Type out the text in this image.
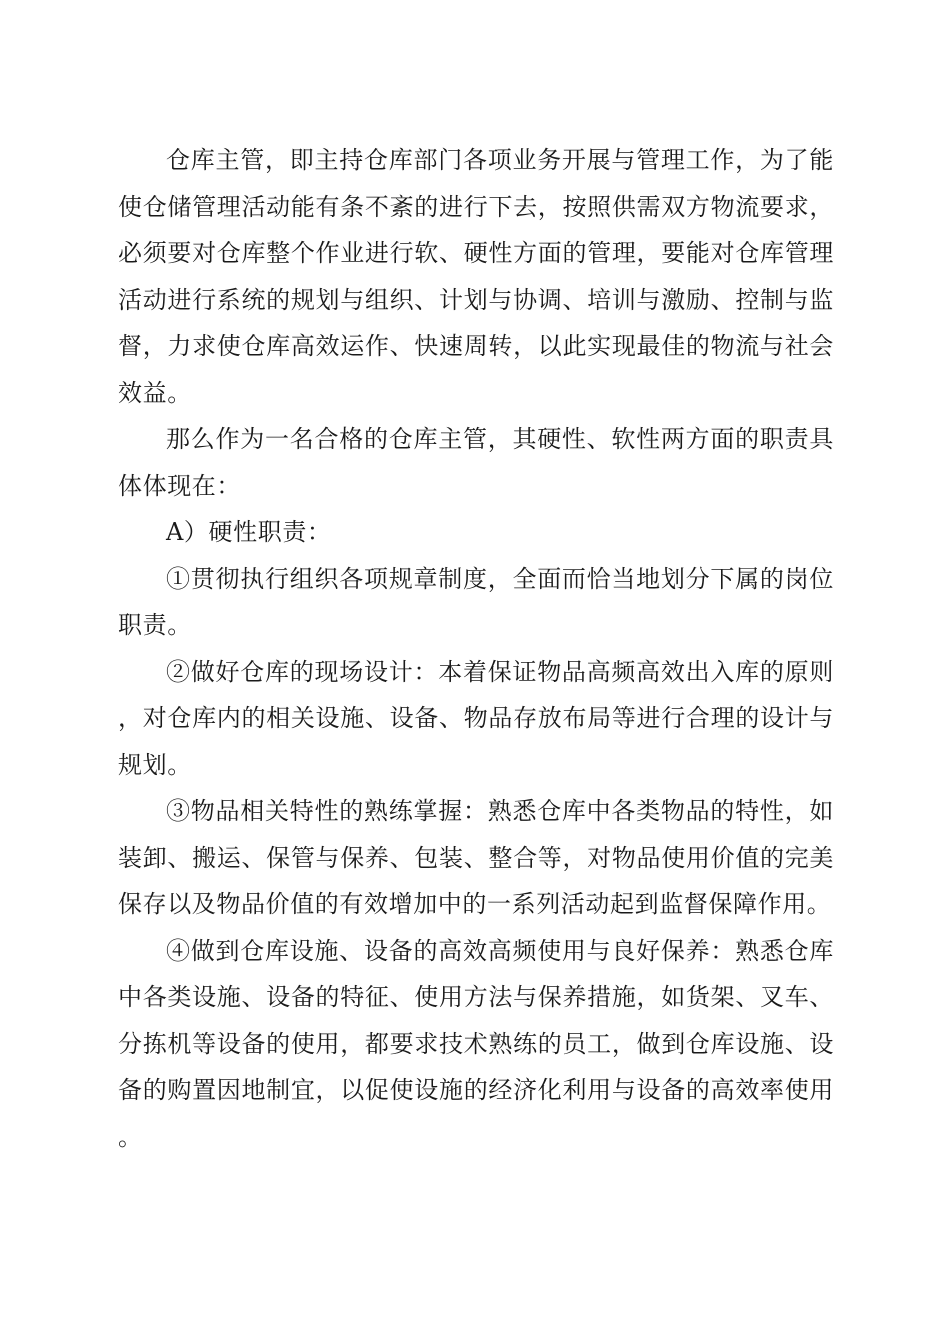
仓库主管，即主持仓库部门各项业务开展与管理工作，为了能使仓储管理活动能有条不紊的进行下去，按照供需双方物流要求，必须要对仓库整个作业进行软、硬性方面的管理，要能对仓库管理活动进行系统的规划与组织、计划与协调、培训与激励、控制与监督，力求使仓库高效运作、快速周转，以此实现最佳的物流与社会效益。

那么作为一名合格的仓库主管，其硬性、软性两方面的职责具体体现在：

A）硬性职责：

①贯彻执行组织各项规章制度，全面而恰当地划分下属的岗位职责。

②做好仓库的现场设计：本着保证物品高频高效出入库的原则，对仓库内的相关设施、设备、物品存放布局等进行合理的设计与规划。

③物品相关特性的熟练掌握：熟悉仓库中各类物品的特性，如装卸、搬运、保管与保养、包装、整合等，对物品使用价值的完美保存以及物品价值的有效增加中的一系列活动起到监督保障作用。

④做到仓库设施、设备的高效高频使用与良好保养：熟悉仓库中各类设施、设备的特征、使用方法与保养措施，如货架、叉车、分拣机等设备的使用，都要求技术熟练的员工，做到仓库设施、设备的购置因地制宜，以促使设施的经济化利用与设备的高效率使用。
